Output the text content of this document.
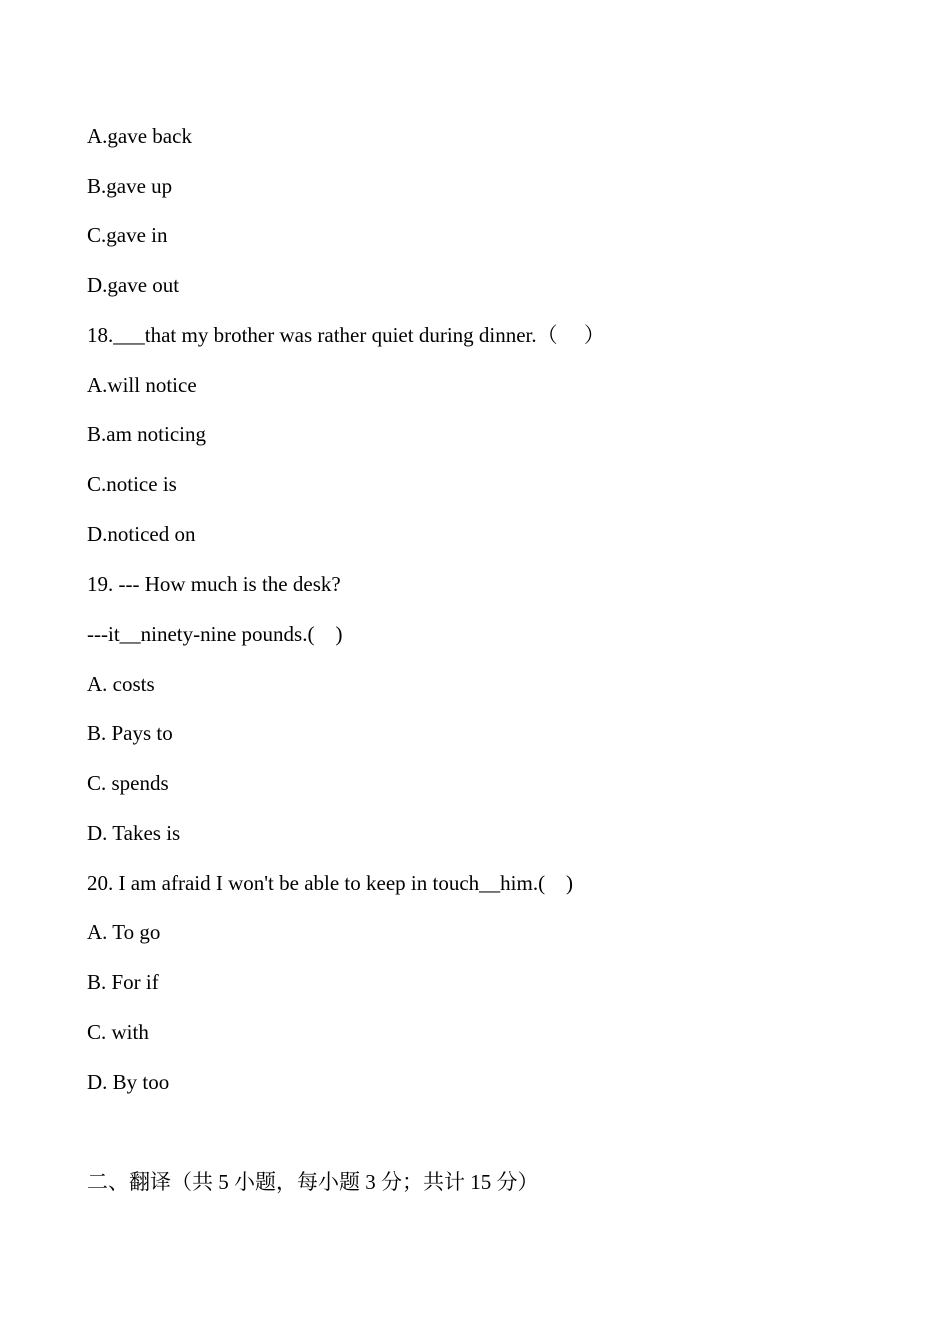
A.gave back
B.gave up
C.gave in
D.gave out
18.___that my brother was rather quiet during dinner.（　 ）
A.will notice
B.am noticing
C.notice is
D.noticed on
19. --- How much is the desk?
---it__ninety-nine pounds.(　)
A. costs
B. Pays to
C. spends
D. Takes is
20. I am afraid I won't be able to keep in touch__him.(　)
A. To go
B. For if
C. with
D. By too
二、翻译（共 5 小题，每小题 3 分；共计 15 分）
